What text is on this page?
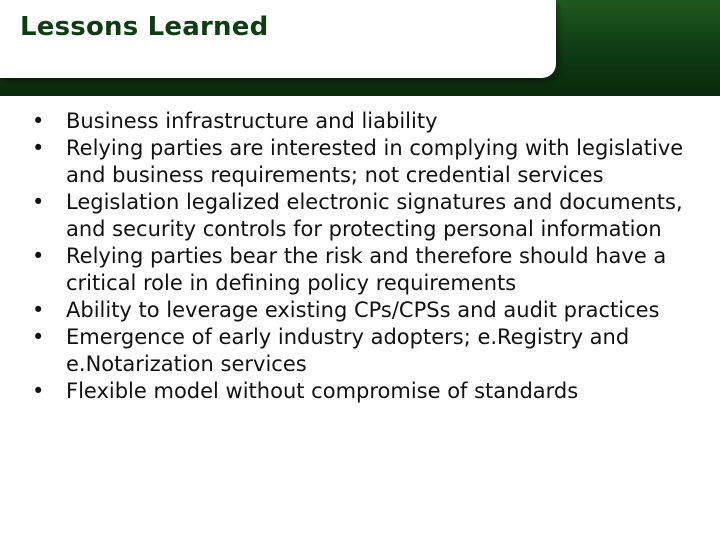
Lessons Learned
•	Business infrastructure and liability
•	Relying parties are interested in complying with legislative and business requirements; not credential services
•	Legislation legalized electronic signatures and documents, and security controls for protecting personal information
•	Relying parties bear the risk and therefore should have a critical role in defining policy requirements
•	Ability to leverage existing CPs/CPSs and audit practices
•	Emergence of early industry adopters; e.Registry and e.Notarization services
•	Flexible model without compromise of standards
